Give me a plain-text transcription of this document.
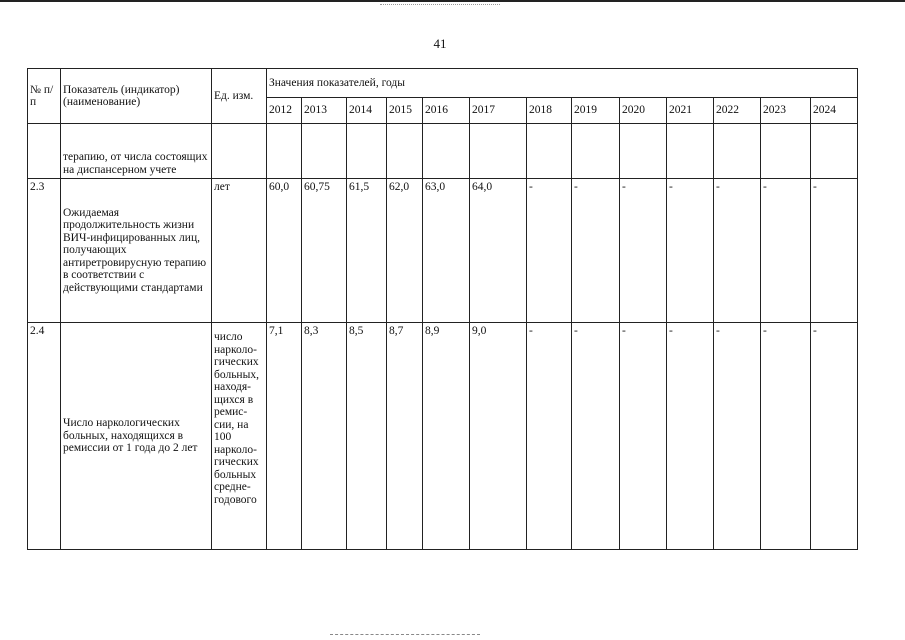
41
№ п/п	Показатель (индикатор) (наименование)	Ед. изм.	Значения показателей, годы												
			2012	2013	2014	2015	2016	2017	2018	2019	2020	2021	2022	2023	2024
	терапию, от числа состоящих на диспансерном учете														
2.3	Ожидаемая продолжительность жизни ВИЧ-инфицированных лиц, получающих антиретровирусную терапию в соответствии с действующими стандартами	лет	60,0	60,75	61,5	62,0	63,0	64,0	-	-	-	-	-	-	-
2.4	Число наркологических больных, находящихся в ремиссии от 1 года до 2 лет	число нарколо-гических больных, находя-щихся в ремис-сии, на 100 нарколо-гических больных средне-годового	7,1	8,3	8,5	8,7	8,9	9,0	-	-	-	-	-	-	-
